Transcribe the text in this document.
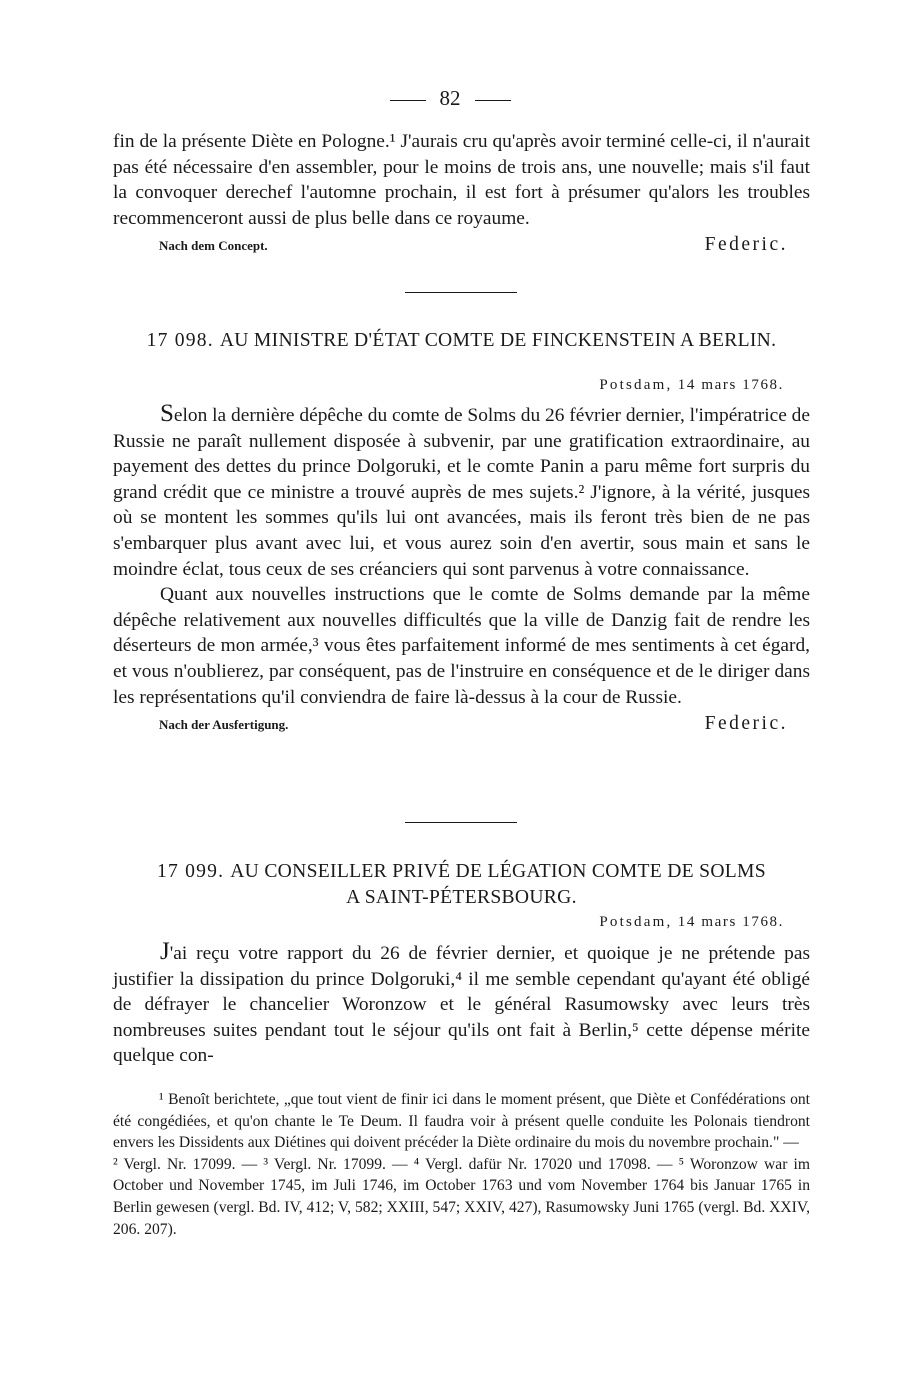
82

fin de la présente Diète en Pologne.¹ J'aurais cru qu'après avoir terminé celle-ci, il n'aurait pas été nécessaire d'en assembler, pour le moins de trois ans, une nouvelle; mais s'il faut la convoquer derechef l'automne prochain, il est fort à présumer qu'alors les troubles recommenceront aussi de plus belle dans ce royaume.

Nach dem Concept.	Federic.
17 098. AU MINISTRE D'ÉTAT COMTE DE FINCKENSTEIN A BERLIN.
Potsdam, 14 mars 1768.

Selon la dernière dépêche du comte de Solms du 26 février dernier, l'impératrice de Russie ne paraît nullement disposée à subvenir, par une gratification extraordinaire, au payement des dettes du prince Dolgoruki, et le comte Panin a paru même fort surpris du grand crédit que ce ministre a trouvé auprès de mes sujets.² J'ignore, à la vérité, jusques où se montent les sommes qu'ils lui ont avancées, mais ils feront très bien de ne pas s'embarquer plus avant avec lui, et vous aurez soin d'en avertir, sous main et sans le moindre éclat, tous ceux de ses créanciers qui sont parvenus à votre connaissance.

Quant aux nouvelles instructions que le comte de Solms demande par la même dépêche relativement aux nouvelles difficultés que la ville de Danzig fait de rendre les déserteurs de mon armée,³ vous êtes parfaitement informé de mes sentiments à cet égard, et vous n'oublierez, par conséquent, pas de l'instruire en conséquence et de le diriger dans les représentations qu'il conviendra de faire là-dessus à la cour de Russie.

Nach der Ausfertigung.	Federic.
17 099. AU CONSEILLER PRIVÉ DE LÉGATION COMTE DE SOLMS A SAINT-PÉTERSBOURG.
Potsdam, 14 mars 1768.

J'ai reçu votre rapport du 26 de février dernier, et quoique je ne prétende pas justifier la dissipation du prince Dolgoruki,⁴ il me semble cependant qu'ayant été obligé de défrayer le chancelier Woronzow et le général Rasumowsky avec leurs très nombreuses suites pendant tout le séjour qu'ils ont fait à Berlin,⁵ cette dépense mérite quelque con-

¹ Benoît berichtete, „que tout vient de finir ici dans le moment présent, que Diète et Confédérations ont été congédiées, et qu'on chante le Te Deum. Il faudra voir à présent quelle conduite les Polonais tiendront envers les Dissidents aux Diétines qui doivent précéder la Diète ordinaire du mois du novembre prochain." —

² Vergl. Nr. 17099. — ³ Vergl. Nr. 17099. — ⁴ Vergl. dafür Nr. 17020 und 17098. — ⁵ Woronzow war im October und November 1745, im Juli 1746, im October 1763 und vom November 1764 bis Januar 1765 in Berlin gewesen (vergl. Bd. IV, 412; V, 582; XXIII, 547; XXIV, 427), Rasumowsky Juni 1765 (vergl. Bd. XXIV, 206. 207).
